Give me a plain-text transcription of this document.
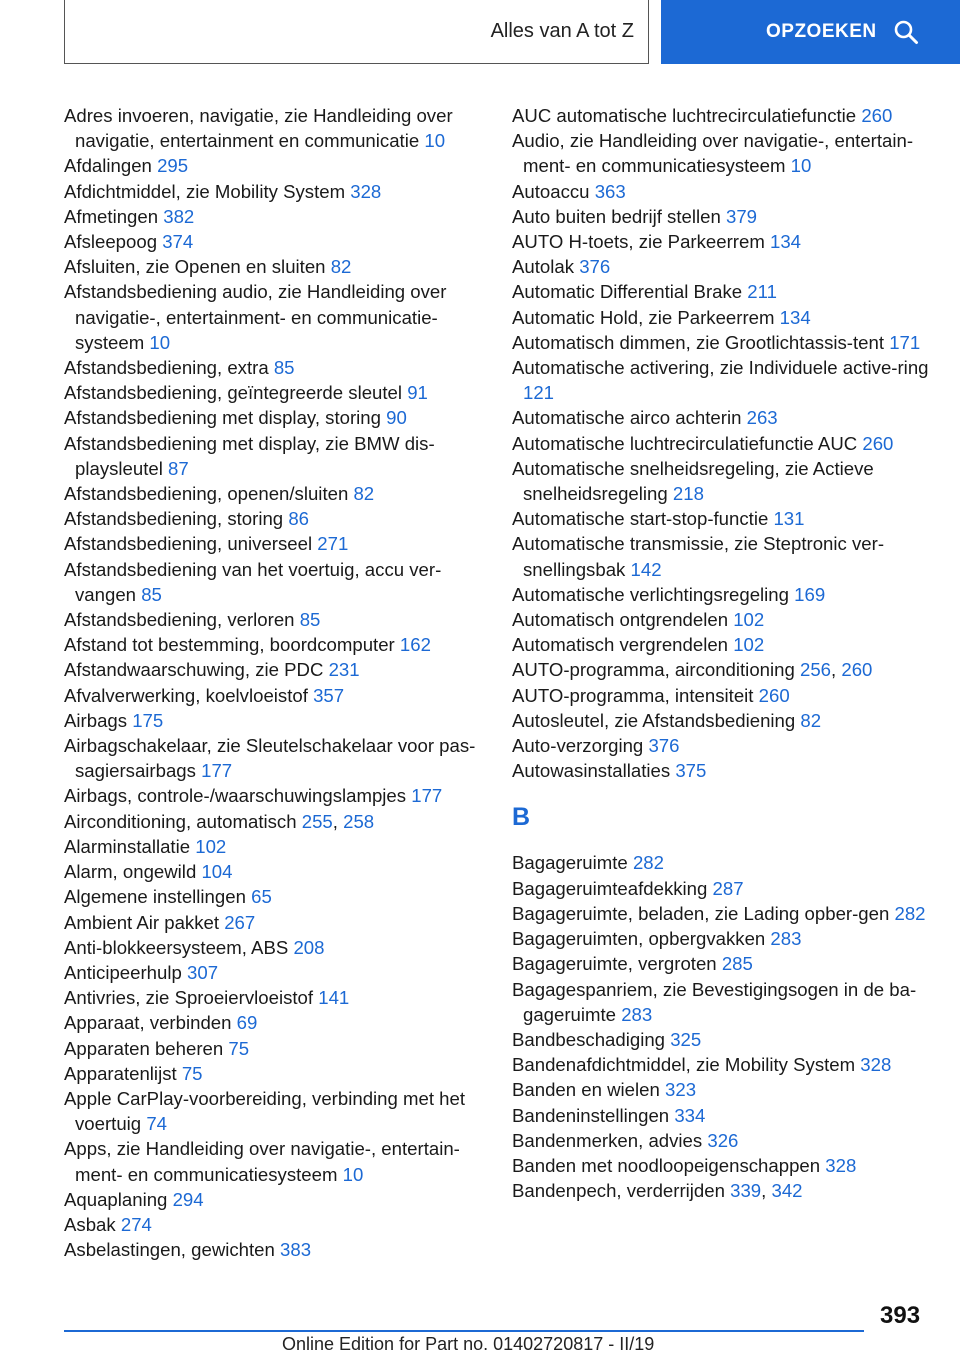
Alles van A tot Z	OPZOEKEN
Adres invoeren, navigatie, zie Handleiding over navigatie, entertainment en communicatie 10
Afdalingen 295
Afdichtmiddel, zie Mobility System 328
Afmetingen 382
Afsleepoog 374
Afsluiten, zie Openen en sluiten 82
Afstandsbediening audio, zie Handleiding over navigatie-, entertainment- en communicatie-systeem 10
Afstandsbediening, extra 85
Afstandsbediening, geïntegreerde sleutel 91
Afstandsbediening met display, storing 90
Afstandsbediening met display, zie BMW dis-playsleutel 87
Afstandsbediening, openen/sluiten 82
Afstandsbediening, storing 86
Afstandsbediening, universeel 271
Afstandsbediening van het voertuig, accu ver-vangen 85
Afstandsbediening, verloren 85
Afstand tot bestemming, boordcomputer 162
Afstandwaarschuwing, zie PDC 231
Afvalverwerking, koelvloeistof 357
Airbags 175
Airbagschakelaar, zie Sleutelschakelaar voor pas-sagiersairbags 177
Airbags, controle-/waarschuwingslampjes 177
Airconditioning, automatisch 255, 258
Alarminstallatie 102
Alarm, ongewild 104
Algemene instellingen 65
Ambient Air pakket 267
Anti-blokkeersysteem, ABS 208
Anticipeerhulp 307
Antivries, zie Sproeiervloeistof 141
Apparaat, verbinden 69
Apparaten beheren 75
Apparatenlijst 75
Apple CarPlay-voorbereiding, verbinding met het voertuig 74
Apps, zie Handleiding over navigatie-, entertain-ment- en communicatiesysteem 10
Aquaplaning 294
Asbak 274
Asbelastingen, gewichten 383
AUC automatische luchtrecirculatiefunctie 260
Audio, zie Handleiding over navigatie-, entertain-ment- en communicatiesysteem 10
Autoaccu 363
Auto buiten bedrijf stellen 379
AUTO H-toets, zie Parkeerrem 134
Autolak 376
Automatic Differential Brake 211
Automatic Hold, zie Parkeerrem 134
Automatisch dimmen, zie Grootlichtassis-tent 171
Automatische activering, zie Individuele active-ring 121
Automatische airco achterin 263
Automatische luchtrecirculatiefunctie AUC 260
Automatische snelheidsregeling, zie Actieve snelheidsregeling 218
Automatische start-stop-functie 131
Automatische transmissie, zie Steptronic ver-snellingsbak 142
Automatische verlichtingsregeling 169
Automatisch ontgrendelen 102
Automatisch vergrendelen 102
AUTO-programma, airconditioning 256, 260
AUTO-programma, intensiteit 260
Autosleutel, zie Afstandsbediening 82
Auto-verzorging 376
Autowasinstallaties 375
B
Bagageruimte 282
Bagageruimteafdekking 287
Bagageruimte, beladen, zie Lading opber-gen 282
Bagageruimten, opbergvakken 283
Bagageruimte, vergroten 285
Bagagespanriem, zie Bevestigingsogen in de ba-gageruimte 283
Bandbeschadiging 325
Bandenafdichtmiddel, zie Mobility System 328
Banden en wielen 323
Bandeninstellingen 334
Bandenmerken, advies 326
Banden met noodloopeigenschappen 328
Bandenpech, verderrijden 339, 342
393
Online Edition for Part no. 01402720817 - II/19
